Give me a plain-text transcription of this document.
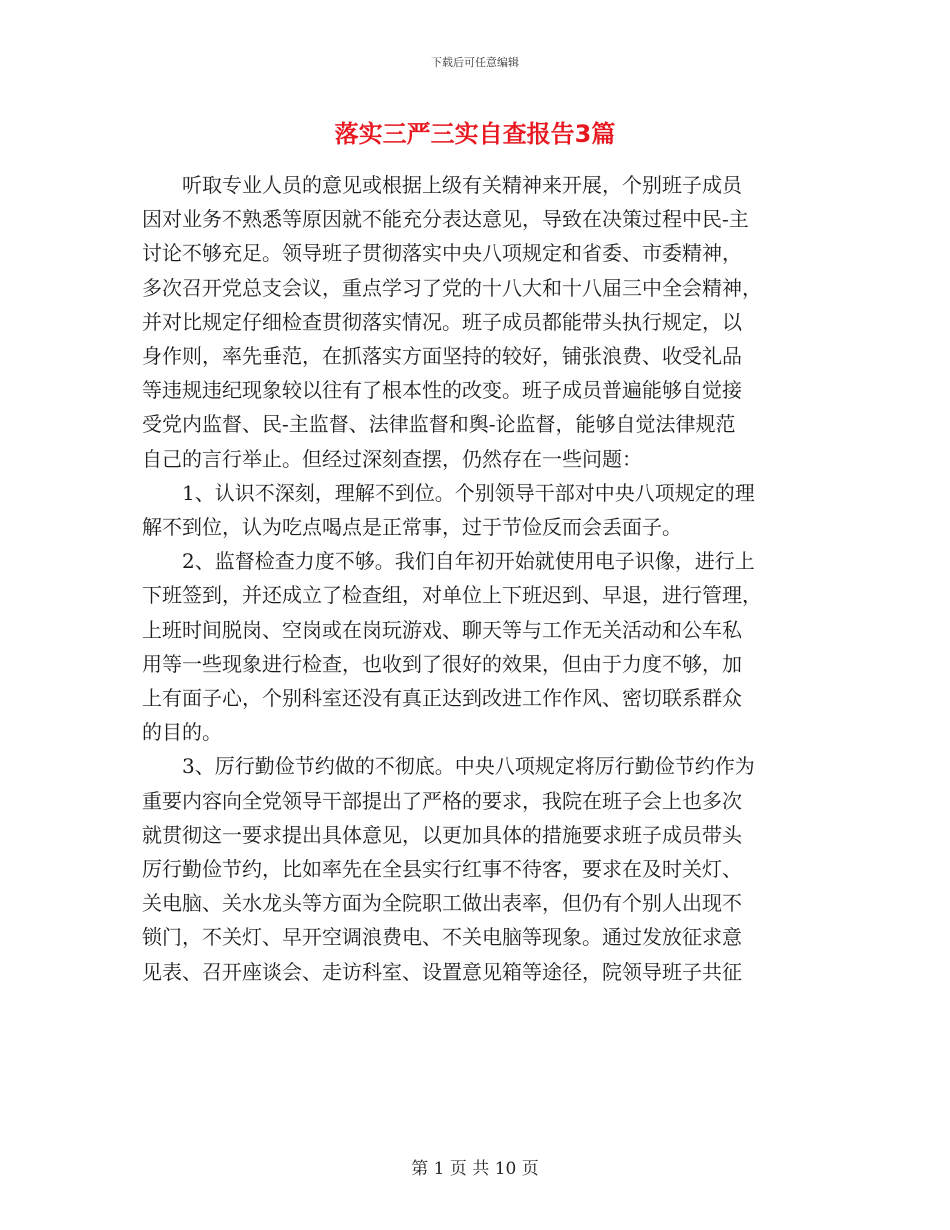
下载后可任意编辑
落实三严三实自查报告3篇
听取专业人员的意见或根据上级有关精神来开展，个别班子成员
因对业务不熟悉等原因就不能充分表达意见，导致在决策过程中民-主
讨论不够充足。领导班子贯彻落实中央八项规定和省委、市委精神，
多次召开党总支会议，重点学习了党的十八大和十八届三中全会精神，
并对比规定仔细检查贯彻落实情况。班子成员都能带头执行规定，以
身作则，率先垂范，在抓落实方面坚持的较好，铺张浪费、收受礼品
等违规违纪现象较以往有了根本性的改变。班子成员普遍能够自觉接
受党内监督、民-主监督、法律监督和舆-论监督，能够自觉法律规范
自己的言行举止。但经过深刻查摆，仍然存在一些问题：
1、认识不深刻，理解不到位。个别领导干部对中央八项规定的理
解不到位，认为吃点喝点是正常事，过于节俭反而会丢面子。
2、监督检查力度不够。我们自年初开始就使用电子识像，进行上
下班签到，并还成立了检查组，对单位上下班迟到、早退，进行管理，
上班时间脱岗、空岗或在岗玩游戏、聊天等与工作无关活动和公车私
用等一些现象进行检查，也收到了很好的效果，但由于力度不够，加
上有面子心，个别科室还没有真正达到改进工作作风、密切联系群众
的目的。
3、厉行勤俭节约做的不彻底。中央八项规定将厉行勤俭节约作为
重要内容向全党领导干部提出了严格的要求，我院在班子会上也多次
就贯彻这一要求提出具体意见，以更加具体的措施要求班子成员带头
厉行勤俭节约，比如率先在全县实行红事不待客，要求在及时关灯、
关电脑、关水龙头等方面为全院职工做出表率，但仍有个别人出现不
锁门，不关灯、早开空调浪费电、不关电脑等现象。通过发放征求意
见表、召开座谈会、走访科室、设置意见箱等途径，院领导班子共征
第 1 页 共 10 页
